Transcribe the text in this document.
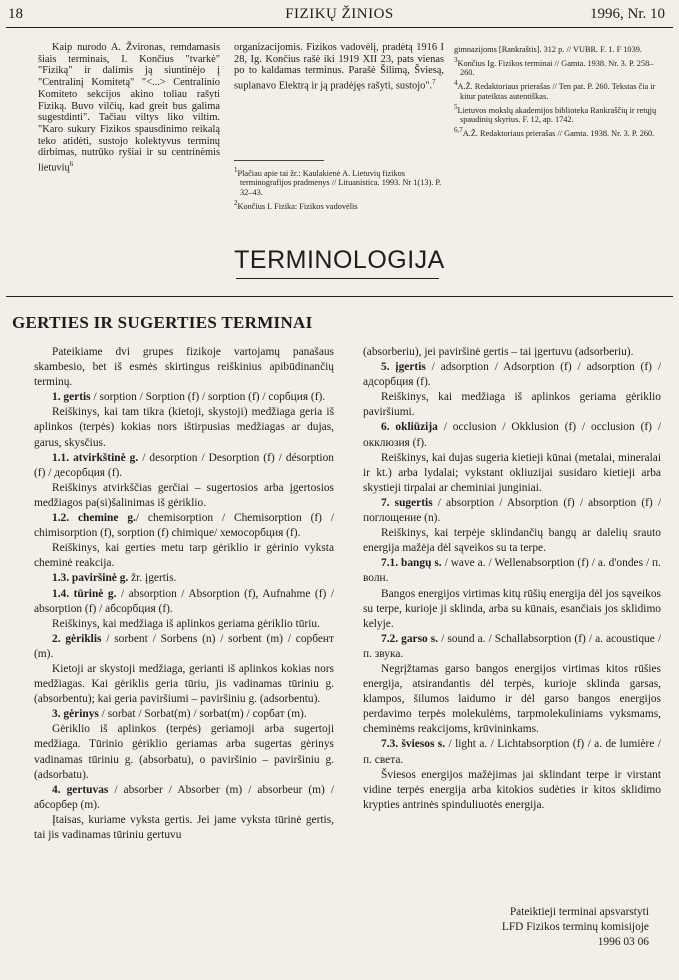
18	FIZIKŲ ŽINIOS	1996, Nr. 10

Kaip nurodo A. Žvironas, remdamasis šiais terminais, I. Končius "tvarkė" "Fiziką" ir dalimis ją siuntinėjo į "Centralinį Komitetą" "<...> Centralinio Komiteto sekcijos akino toliau rašyti Fiziką. Buvo vilčių, kad greit bus galima sugestdinti". Tačiau viltys liko viltim. "Karo sukury Fizikos spausdinimo reikalą teko atidėti, sustojo kolektyvus terminų dirbimas, nutrūko ryšiai ir su centrinėmis lietuvių$^6$

organizacijomis. Fizikos vadovėlį, pradėtą 1916 I 28, Ig. Končius rašė iki 1919 XII 23, pats vienas po to kaldamas terminus. Parašė Šilimą, Šviesą, suplanavo Elektrą ir ją pradėjęs rašyti, sustojo".$^7$

$^1$Plačiau apie tai žr.: Kaulakienė A. Lietuvių fizikos terminografijos pradmenys // Lituanistica. 1993. Nr 1(13). P. 32–43.

$^2$Končius I. Fizika: Fizikos vadovėlis

gimnazijoms [Rankraštis]. 312 p. // VUBR. F. 1. F 1039.

$^3$Končius Ig. Fizikos terminai // Gamta. 1938. Nr. 3. P. 258–260.

$^4$A.Ž. Redaktoriaus prierašas // Ten pat. P. 260. Tekstas čia ir kitur pateiktas autentiškas.

$^5$Lietuvos mokslų akademijos biblioteka Rankraščių ir retųjų spaudinių skyrius. F. 12, ap. 1742.

$^{6,7}$A.Ž. Redaktoriaus prierašas // Gamta. 1938. Nr. 3. P. 260.

TERMINOLOGIJA
GERTIES IR SUGERTIES TERMINAI

Pateikiame dvi grupes fizikoje vartojamų panašaus skambesio, bet iš esmės skirtingus reiškinius apibūdinančių terminų.

1. gertis / sorption / Sorption (f) / sorption (f) / сорбция (f).

Reiškinys, kai tam tikra (kietoji, skystoji) medžiaga geria iš aplinkos (terpės) kokias nors ištirpusias medžiagas ar dujas, garus, skysčius.

1.1. atvirkštinė g. / desorption / Desorption (f) / désorption (f) / десорбция (f).

Reiškinys atvirkščias gerčiai – sugertosios arba įgertosios medžiagos pa(si)šalinimas iš gėriklio.

1.2. chemine g./ chemisorption / Chemisorption (f) / chimisorption (f), sorption (f) chimique/ хемосорбция (f).

Reiškinys, kai gerties metu tarp gėriklio ir gėrinio vyksta cheminė reakcija.

1.3. paviršinė g. žr. įgertis.

1.4. tūrinė g. / absorption / Absorption (f), Aufnahme (f) / absorption (f) / абсорбция (f).

Reiškinys, kai medžiaga iš aplinkos geriama gėriklio tūriu.

2. gėriklis / sorbent / Sorbens (n) / sorbent (m) / сорбент (m).

Kietoji ar skystoji medžiaga, gerianti iš aplinkos kokias nors medžiagas. Kai gėriklis geria tūriu, jis vadinamas tūriniu g. (absorbentu); kai geria paviršiumi – paviršiniu g. (adsorbentu).

3. gėrinys / sorbat / Sorbat(m) / sorbat(m) / сорбат (m).

Gėriklio iš aplinkos (terpės) geriamoji arba sugertoji medžiaga. Tūrinio gėriklio geriamas arba sugertas gėrinys vadinamas tūriniu g. (absorbatu), o paviršinio – paviršiniu g. (adsorbatu).

4. gertuvas / absorber / Absorber (m) / absorbeur (m) / абсорбер (m).

Įtaisas, kuriame vyksta gertis. Jei jame vyksta tūrinė gertis, tai jis vadinamas tūriniu gertuvu

(absorberiu), jei paviršinė gertis – tai įgertuvu (adsorberiu).

5. įgertis / adsorption / Adsorption (f) / adsorption (f) / адсорбция (f).

Reiškinys, kai medžiaga iš aplinkos geriama gėriklio paviršiumi.

6. okliūzija / occlusion / Okklusion (f) / occlusion (f) / окклюзия (f).

Reiškinys, kai dujas sugeria kietieji kūnai (metalai, mineralai ir kt.) arba lydalai; vykstant okliuzijai susidaro kietieji arba skystieji tirpalai ar cheminiai junginiai.

7. sugertis / absorption / Absorption (f) / absorption (f) / поглощение (n).

Reiškinys, kai terpėje sklindančių bangų ar dalelių srauto energija mažėja dėl sąveikos su ta terpe.

7.1. bangų s. / wave a. / Wellenabsorption (f) / a. d'ondes / п. волн.

Bangos energijos virtimas kitų rūšių energija dėl jos sąveikos su terpe, kurioje ji sklinda, arba su kūnais, esančiais jos sklidimo kelyje.

7.2. garso s. / sound a. / Schallabsorption (f) / a. acoustique / п. звука.

Negrįžtamas garso bangos energijos virtimas kitos rūšies energija, atsirandantis dėl terpės, kurioje sklinda garsas, klampos, šilumos laidumo ir dėl garso bangos energijos perdavimo terpės molekulėms, tarpmolekuliniams vyksmams, cheminėms reakcijoms, krūvininkams.

7.3. šviesos s. / light a. / Lichtabsorption (f) / a. de lumière / п. света.

Šviesos energijos mažėjimas jai sklindant terpe ir virstant vidine terpės energija arba kitokios sudėties ir kitos sklidimo krypties antrinės spinduliuotės energija.

Pateiktieji terminai apsvarstyti
LFD Fizikos terminų komisijoje
1996 03 06
